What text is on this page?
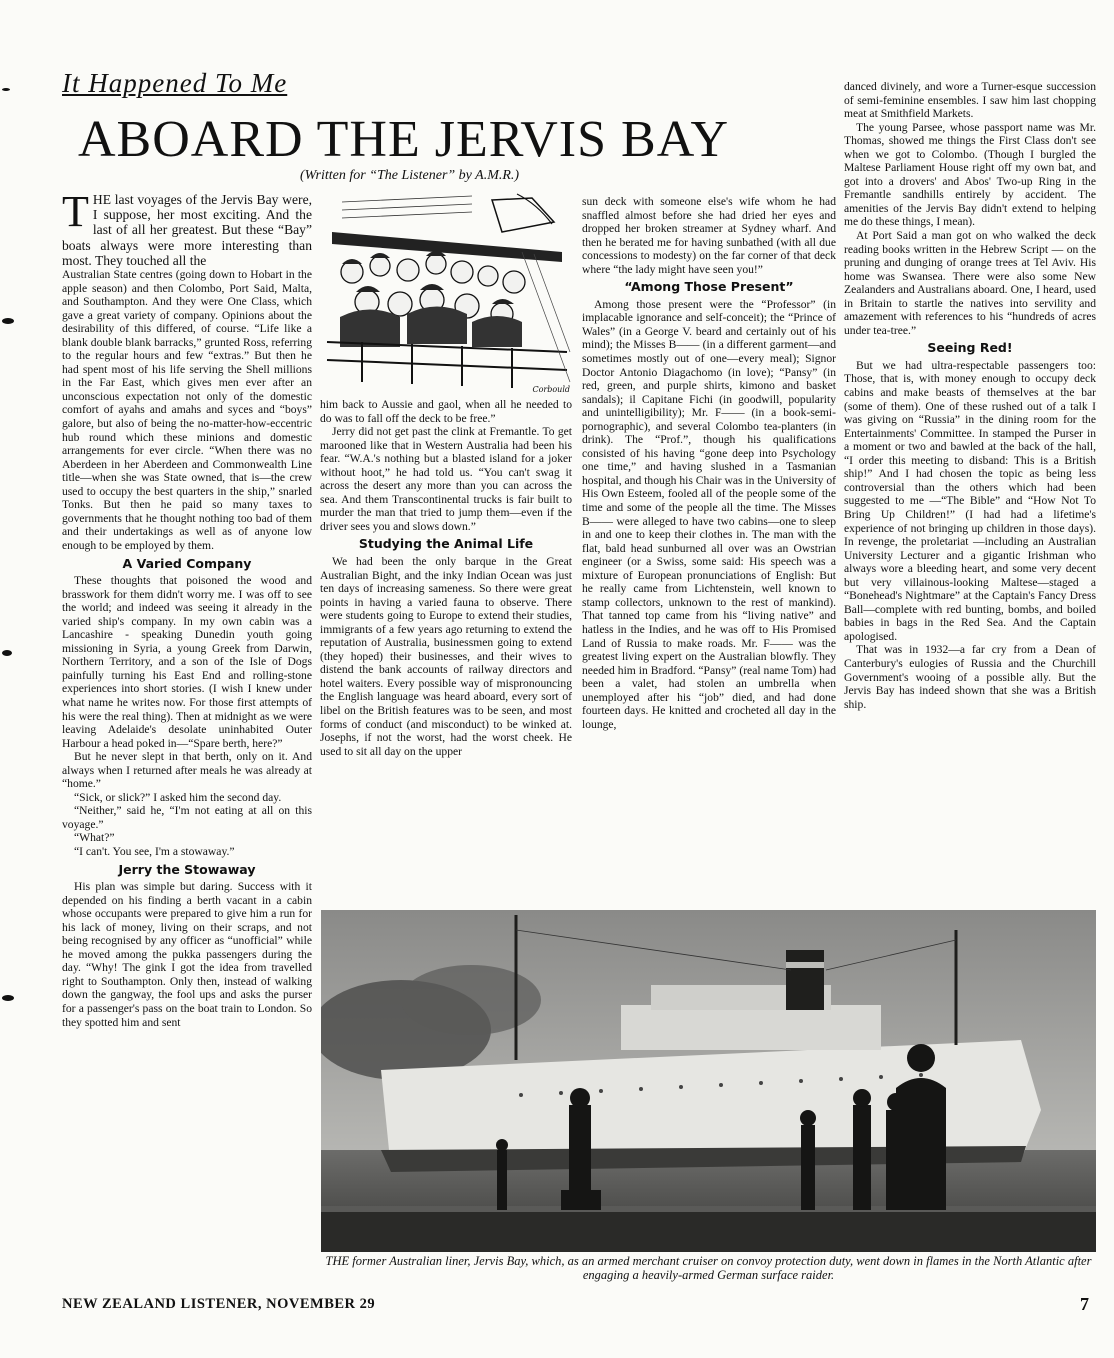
It Happened To Me
ABOARD THE JERVIS BAY
(Written for “The Listener” by A.M.R.)

THE last voyages of the Jervis Bay were, I suppose, her most exciting. And the last of all her greatest. But these “Bay” boats always were more interesting than most. They touched all the

Australian State centres (going down to Hobart in the apple season) and then Colombo, Port Said, Malta, and Southampton. And they were One Class, which gave a great variety of company. Opinions about the desirability of this differed, of course. “Life like a blank double blank barracks,” grunted Ross, referring to the regular hours and few “extras.” But then he had spent most of his life serving the Shell millions in the Far East, which gives men ever after an unconscious expectation not only of the domestic comfort of ayahs and amahs and syces and “boys” galore, but also of being the no-matter-how-eccentric hub round which these minions and domestic arrangements for ever circle. “When there was no Aberdeen in her Aberdeen and Commonwealth Line title—when she was State owned, that is—the crew used to occupy the best quarters in the ship,” snarled Tonks. But then he paid so many taxes to governments that he thought nothing too bad of them and their undertakings as well as of anyone low enough to be employed by them.

A Varied Company

These thoughts that poisoned the wood and brasswork for them didn't worry me. I was off to see the world; and indeed was seeing it already in the varied ship's company. In my own cabin was a Lancashire - speaking Dunedin youth going missioning in Syria, a young Greek from Darwin, Northern Territory, and a son of the Isle of Dogs painfully turning his East End and rolling-stone experiences into short stories. (I wish I knew under what name he writes now. For those first attempts of his were the real thing). Then at midnight as we were leaving Adelaide's desolate uninhabited Outer Harbour a head poked in—“Spare berth, here?”

But he never slept in that berth, only on it. And always when I returned after meals he was already at “home.”

“Sick, or slick?” I asked him the second day.

“Neither,” said he, “I'm not eating at all on this voyage.”

“What?”

“I can't. You see, I'm a stowaway.”

Jerry the Stowaway

His plan was simple but daring. Success with it depended on his finding a berth vacant in a cabin whose occupants were prepared to give him a run for his lack of money, living on their scraps, and not being recognised by any officer as “unofficial” while he moved among the pukka passengers during the day. “Why! The gink I got the idea from travelled right to Southampton. Only then, instead of walking down the gangway, the fool ups and asks the purser for a passenger's pass on the boat train to London. So they spotted him and sent

Corbould

him back to Aussie and gaol, when all he needed to do was to fall off the deck to be free.”

Jerry did not get past the clink at Fremantle. To get marooned like that in Western Australia had been his fear. “W.A.'s nothing but a blasted island for a joker without hoot,” he had told us. “You can't swag it across the desert any more than you can across the sea. And them Transcontinental trucks is fair built to murder the man that tried to jump them—even if the driver sees you and slows down.”

Studying the Animal Life

We had been the only barque in the Great Australian Bight, and the inky Indian Ocean was just ten days of increasing sameness. So there were great points in having a varied fauna to observe. There were students going to Europe to extend their studies, immigrants of a few years ago returning to extend the reputation of Australia, businessmen going to extend (they hoped) their businesses, and their wives to distend the bank accounts of railway directors and hotel waiters. Every possible way of mispronouncing the English language was heard aboard, every sort of libel on the British features was to be seen, and most forms of conduct (and misconduct) to be winked at. Josephs, if not the worst, had the worst cheek. He used to sit all day on the upper

sun deck with someone else's wife whom he had snaffled almost before she had dried her eyes and dropped her broken streamer at Sydney wharf. And then he berated me for having sunbathed (with all due concessions to modesty) on the far corner of that deck where “the lady might have seen you!”

“Among Those Present”

Among those present were the “Professor” (in implacable ignorance and self-conceit); the “Prince of Wales” (in a George V. beard and certainly out of his mind); the Misses B—— (in a different garment—and sometimes mostly out of one—every meal); Signor Doctor Antonio Diagachomo (in love); “Pansy” (in red, green, and purple shirts, kimono and basket sandals); il Capitane Fichi (in goodwill, popularity and unintelligibility); Mr. F—— (in a book-semi-pornographic), and several Colombo tea-planters (in drink). The “Prof.”, though his qualifications consisted of his having “gone deep into Psychology one time,” and having slushed in a Tasmanian hospital, and though his Chair was in the University of His Own Esteem, fooled all of the people some of the time and some of the people all the time. The Misses B—— were alleged to have two cabins—one to sleep in and one to keep their clothes in. The man with the flat, bald head sunburned all over was an Owstrian engineer (or a Swiss, some said: His speech was a mixture of European pronunciations of English: But he really came from Lichtenstein, well known to stamp collectors, unknown to the rest of mankind). That tanned top came from his “living native” and hatless in the Indies, and he was off to His Promised Land of Russia to make roads. Mr. F—— was the greatest living expert on the Australian blowfly. They needed him in Bradford. “Pansy” (real name Tom) had been a valet, had stolen an umbrella when unemployed after his “job” died, and had done fourteen days. He knitted and crocheted all day in the lounge,

danced divinely, and wore a Turner-esque succession of semi-feminine ensembles. I saw him last chopping meat at Smithfield Markets.

The young Parsee, whose passport name was Mr. Thomas, showed me things the First Class don't see when we got to Colombo. (Though I burgled the Maltese Parliament House right off my own bat, and got into a drovers' and Abos' Two-up Ring in the Fremantle sandhills entirely by accident. The amenities of the Jervis Bay didn't extend to helping me do these things, I mean).

At Port Said a man got on who walked the deck reading books written in the Hebrew Script — on the pruning and dunging of orange trees at Tel Aviv. His home was Swansea. There were also some New Zealanders and Australians aboard. One, I heard, used in Britain to startle the natives into servility and amazement with references to his “hundreds of acres under tea-tree.”

Seeing Red!

But we had ultra-respectable passengers too: Those, that is, with money enough to occupy deck cabins and make beasts of themselves at the bar (some of them). One of these rushed out of a talk I was giving on “Russia” in the dining room for the Entertainments' Committee. In stamped the Purser in a moment or two and bawled at the back of the hall, “I order this meeting to disband: This is a British ship!” And I had chosen the topic as being less controversial than the others which had been suggested to me —“The Bible” and “How Not To Bring Up Children!” (I had had a lifetime's experience of not bringing up children in those days). In revenge, the proletariat —including an Australian University Lecturer and a gigantic Irishman who always wore a bleeding heart, and some very decent but very villainous-looking Maltese—staged a “Bonehead's Nightmare” at the Captain's Fancy Dress Ball—complete with red bunting, bombs, and boiled babies in bags in the Red Sea. And the Captain apologised.

That was in 1932—a far cry from a Dean of Canterbury's eulogies of Russia and the Churchill Government's wooing of a possible ally. But the Jervis Bay has indeed shown that she was a British ship.

THE former Australian liner, Jervis Bay, which, as an armed merchant cruiser on convoy protection duty, went down in flames in the North Atlantic after engaging a heavily-armed German surface raider.
NEW ZEALAND LISTENER, NOVEMBER 29	7
